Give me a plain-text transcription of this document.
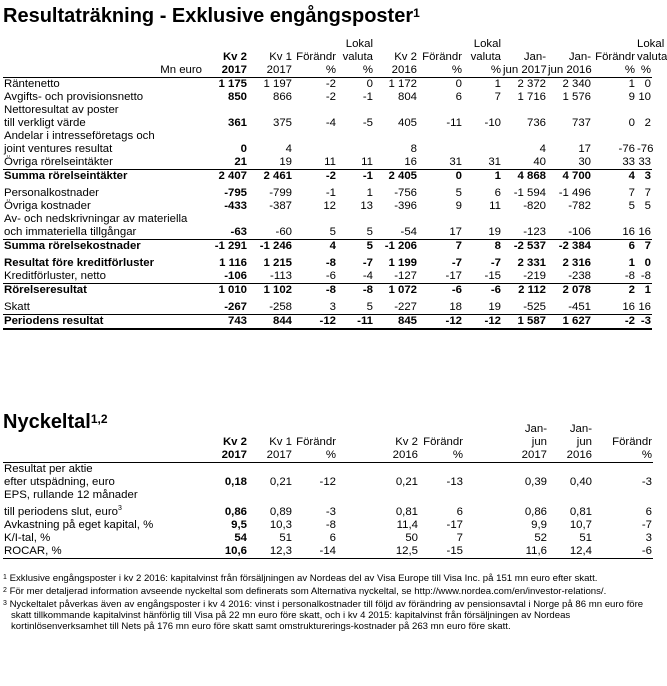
Resultaträkning - Exklusive engångsposter$^1$
				Lokal			Lokal				Lokal
	Kv 2	Kv 1	Förändr	valuta	Kv 2	Förändr	valuta	Jan-	Jan-	Förändr	valuta
Mn euro	2017	2017	%	%	2016	%	%	jun 2017	jun 2016	%	%

Räntenetto	1 175	1 197	-2	0	1 172	0	1	2 372	2 340	1	0

Avgifts- och provisionsnetto	850	866	-2	-1	804	6	7	1 716	1 576	9	10

Nettoresultat av poster
till verkligt värde	361	375	-4	-5	405	-11	-10	736	737	0	2

Andelar i intresseföretags och
joint ventures resultat	0	4			8			4	17	-76	-76

Övriga rörelseintäkter	21	19	11	11	16	31	31	40	30	33	33

Summa rörelseintäkter	2 407	2 461	-2	-1	2 405	0	1	4 868	4 700	4	3

Personalkostnader	-795	-799	-1	1	-756	5	6	-1 594	-1 496	7	7

Övriga kostnader	-433	-387	12	13	-396	9	11	-820	-782	5	5

Av- och nedskrivningar av materiella
och immateriella tillgångar	-63	-60	5	5	-54	17	19	-123	-106	16	16

Summa rörelsekostnader	-1 291	-1 246	4	5	-1 206	7	8	-2 537	-2 384	6	7

Resultat före kreditförluster	1 116	1 215	-8	-7	1 199	-7	-7	2 331	2 316	1	0

Kreditförluster, netto	-106	-113	-6	-4	-127	-17	-15	-219	-238	-8	-8

Rörelseresultat	1 010	1 102	-8	-8	1 072	-6	-6	2 112	2 078	2	1

Skatt	-267	-258	3	5	-227	18	19	-525	-451	16	16

Periodens resultat	743	844	-12	-11	845	-12	-12	1 587	1 627	-2	-3
Nyckeltal$^{1,2}$
							Jan-	Jan-	
	Kv 2	Kv 1	Förändr	Kv 2	Förändr		jun	jun	Förändr
	2017	2017	%	2016	%		2017	2016	%

Resultat per aktie
efter utspädning, euro	0,18	0,21	-12	0,21	-13		0,39	0,40	-3

EPS, rullande 12 månader
till periodens slut, euro$^3$	0,86	0,89	-3	0,81	6		0,86	0,81	6

Avkastning på eget kapital, %	9,5	10,3	-8	11,4	-17		9,9	10,7	-7

K/I-tal, %	54	51	6	50	7		52	51	3

ROCAR, %	10,6	12,3	-14	12,5	-15		11,6	12,4	-6

$^1$ Exklusive engångsposter i kv 2 2016: kapitalvinst från försäljningen av Nordeas del av Visa Europe till Visa Inc. på 151 mn euro efter skatt.

$^2$ För mer detaljerad information avseende nyckeltal som definerats som Alternativa nyckeltal, se http://www.nordea.com/en/investor-relations/.

$^3$ Nyckeltalet påverkas även av engångsposter i kv 4 2016: vinst i personalkostnader till följd av förändring av pensionsavtal i Norge på 86 mn euro före skatt tillkommande kapitalvinst hänförlig till Visa på 22 mn euro före skatt, och i kv 4 2015: kapitalvinst från försäljningen av Nordeas kortinlösenverksamhet till Nets på 176 mn euro före skatt samt omstrukturerings-kostnader på 263 mn euro före skatt.
